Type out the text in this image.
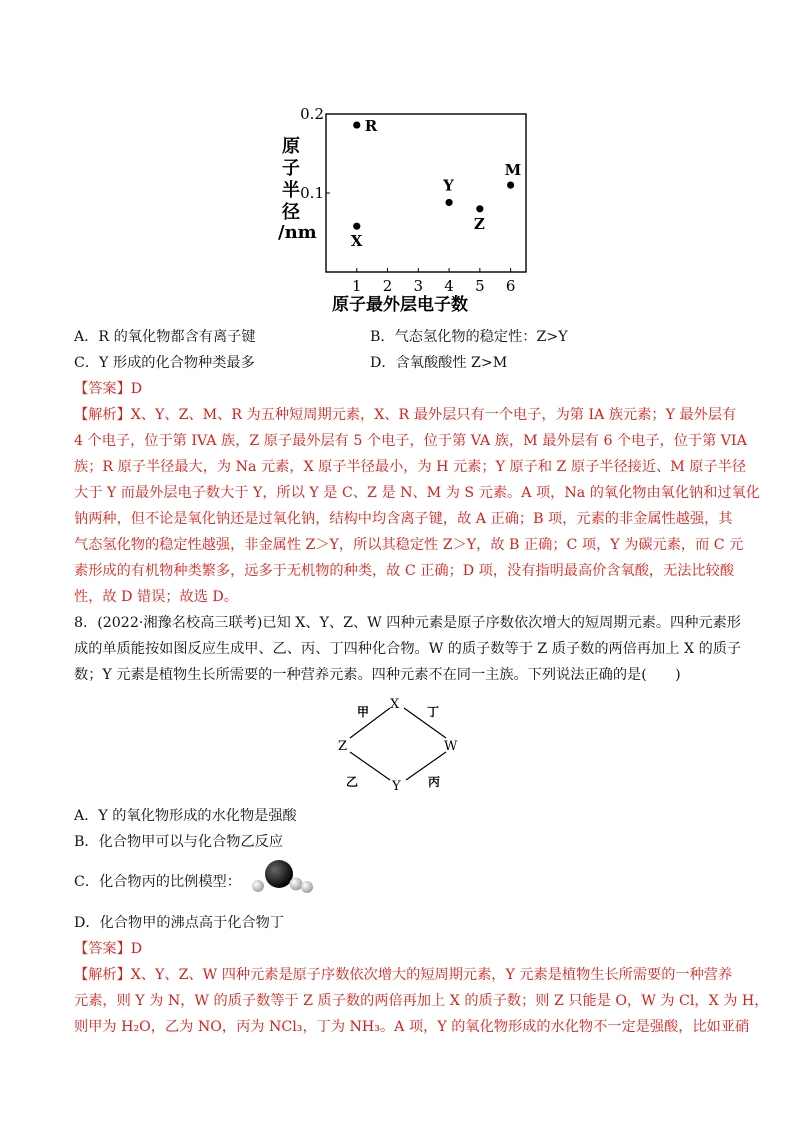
0.2
0.1
1 2 3 4 5 6
R
X
Y
Z
M
原
子
半
径
/nm
原子最外层电子数
A．R 的氧化物都含有离子键	B．气态氢化物的稳定性：Z>Y
C．Y 形成的化合物种类最多	D．含氧酸酸性 Z>M
【答案】D
【解析】X、Y、Z、M、R 为五种短周期元素，X、R 最外层只有一个电子，为第 IA 族元素；Y 最外层有
4 个电子，位于第 IVA 族，Z 原子最外层有 5 个电子，位于第 VA 族，M 最外层有 6 个电子，位于第 VIA
族；R 原子半径最大，为 Na 元素，X 原子半径最小，为 H 元素；Y 原子和 Z 原子半径接近、M 原子半径
大于 Y 而最外层电子数大于 Y，所以 Y 是 C、Z 是 N、M 为 S 元素。A 项，Na 的氧化物由氧化钠和过氧化
钠两种，但不论是氧化钠还是过氧化钠，结构中均含离子键，故 A 正确；B 项，元素的非金属性越强，其
气态氢化物的稳定性越强，非金属性 Z＞Y，所以其稳定性 Z＞Y，故 B 正确；C 项，Y 为碳元素，而 C 元
素形成的有机物种类繁多，远多于无机物的种类，故 C 正确；D 项，没有指明最高价含氧酸，无法比较酸
性，故 D 错误；故选 D。
8．(2022·湘豫名校高三联考)已知 X、Y、Z、W 四种元素是原子序数依次增大的短周期元素。四种元素形
成的单质能按如图反应生成甲、乙、丙、丁四种化合物。W 的质子数等于 Z 质子数的两倍再加上 X 的质子
数；Y 元素是植物生长所需要的一种营养元素。四种元素不在同一主族。下列说法正确的是(　　)
X
Z	W
Y
甲	丁
乙	丙
A．Y 的氧化物形成的水化物是强酸
B．化合物甲可以与化合物乙反应
C．化合物丙的比例模型：
D．化合物甲的沸点高于化合物丁
【答案】D
【解析】X、Y、Z、W 四种元素是原子序数依次增大的短周期元素，Y 元素是植物生长所需要的一种营养
元素，则 Y 为 N，W 的质子数等于 Z 质子数的两倍再加上 X 的质子数；则 Z 只能是 O，W 为 Cl，X 为 H，
则甲为 H₂O，乙为 NO，丙为 NCl₃，丁为 NH₃。A 项，Y 的氧化物形成的水化物不一定是强酸，比如亚硝
